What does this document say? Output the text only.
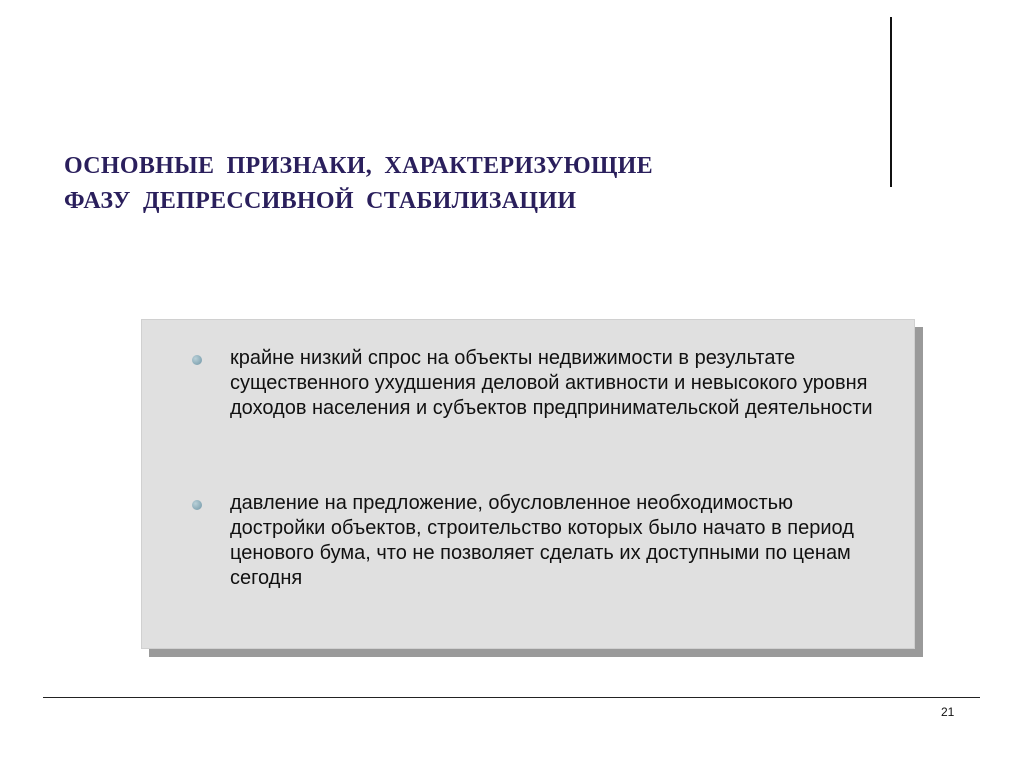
ОСНОВНЫЕ ПРИЗНАКИ, ХАРАКТЕРИЗУЮЩИЕ
ФАЗУ ДЕПРЕССИВНОЙ СТАБИЛИЗАЦИИ
крайне низкий спрос на объекты недвижимости в результате существенного ухудшения деловой активности и невысокого уровня доходов населения и субъектов предпринимательской деятельности
давление на предложение, обусловленное необходимостью достройки объектов, строительство которых было начато в период ценового бума, что не позволяет сделать их доступными по ценам сегодня
21
